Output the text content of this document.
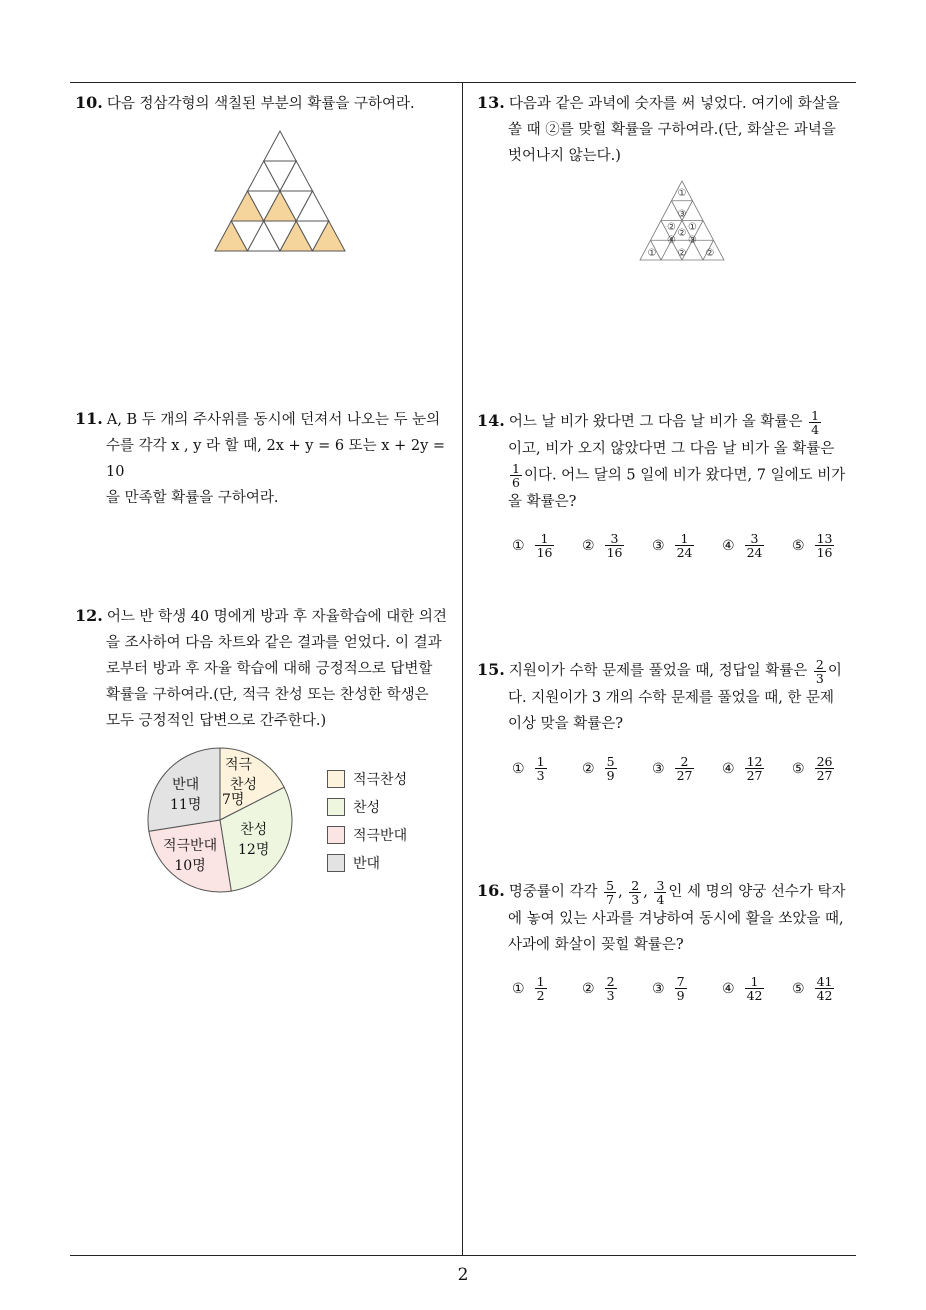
10. 다음 정삼각형의 색칠된 부분의 확률을 구하여라.
11. A, B 두 개의 주사위를 동시에 던져서 나오는 두 눈의
수를 각각 x , y 라 할 때, 2x + y = 6 또는 x + 2y = 10
을 만족할 확률을 구하여라.
12. 어느 반 학생 40 명에게 방과 후 자율학습에 대한 의견
을 조사하여 다음 차트와 같은 결과를 얻었다. 이 결과
로부터 방과 후 자율 학습에 대해 긍정적으로 답변할
확률을 구하여라.(단, 적극 찬성 또는 찬성한 학생은
모두 긍정적인 답변으로 간주한다.)
적극
찬성
7명
찬성
12명
적극반대
10명
반대
11명
적극찬성
찬성
적극반대
반대
13. 다음과 같은 과녁에 숫자를 써 넣었다. 여기에 화살을
쏠 때 ②를 맞힐 확률을 구하여라.(단, 화살은 과녁을
벗어나지 않는다.)
①
③
② ①
②
④ ③
① ② ②
14. 어느 날 비가 왔다면 그 다음 날 비가 올 확률은 $\frac{1}{4}$
이고, 비가 오지 않았다면 그 다음 날 비가 올 확률은
$\frac{1}{6}$ 이다. 어느 달의 5 일에 비가 왔다면, 7 일에도 비가
올 확률은?
① $\frac{1}{16}$ ② $\frac{3}{16}$ ③ $\frac{1}{24}$ ④ $\frac{3}{24}$ ⑤ $\frac{13}{16}$
15. 지원이가 수학 문제를 풀었을 때, 정답일 확률은 $\frac{2}{3}$ 이
다. 지원이가 3 개의 수학 문제를 풀었을 때, 한 문제
이상 맞을 확률은?
① $\frac{1}{3}$	② $\frac{5}{9}$	③ $\frac{2}{27}$ ④ $\frac{12}{27}$ ⑤ $\frac{26}{27}$
16. 명중률이 각각 $\frac{5}{7}$ , $\frac{2}{3}$ , $\frac{3}{4}$ 인 세 명의 양궁 선수가 탁자
에 놓여 있는 사과를 겨냥하여 동시에 활을 쏘았을 때,
사과에 화살이 꽂힐 확률은?
① $\frac{1}{2}$	② $\frac{2}{3}$	③ $\frac{7}{9}$	④ $\frac{1}{42}$ ⑤ $\frac{41}{42}$
2
